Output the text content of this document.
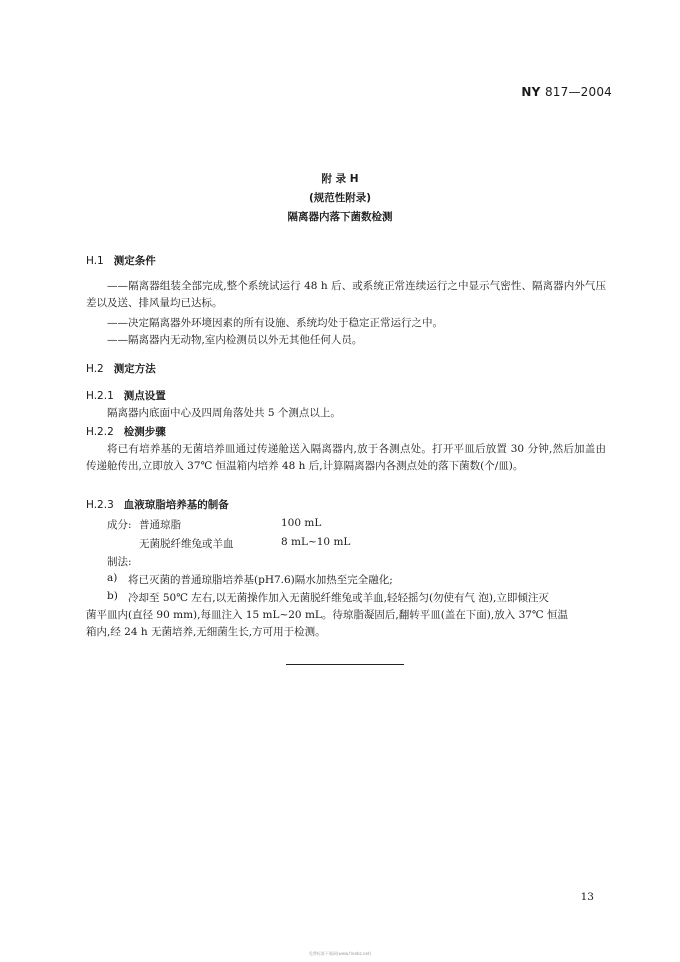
NY 817—2004
附 录 H
(规范性附录)
隔离器内落下菌数检测
H.1 测定条件
——隔离器组装全部完成,整个系统试运行 48 h 后、或系统正常连续运行之中显示气密性、隔离器内外气压差以及送、排风量均已达标。
——决定隔离器外环境因素的所有设施、系统均处于稳定正常运行之中。
——隔离器内无动物,室内检测员以外无其他任何人员。
H.2 测定方法
H.2.1 测点设置
隔离器内底面中心及四周角落处共 5 个测点以上。
H.2.2 检测步骤
将已有培养基的无菌培养皿通过传递舱送入隔离器内,放于各测点处。打开平皿后放置 30 分钟,然后加盖由传递舱传出,立即放入 37℃ 恒温箱内培养 48 h 后,计算隔离器内各测点处的落下菌数(个/皿)。
H.2.3 血液琼脂培养基的制备
成分: 普通琼脂	100 mL
无菌脱纤维兔或羊血	8 mL~10 mL
制法:
a) 将已灭菌的普通琼脂培养基(pH7.6)隔水加热至完全融化;
b) 冷却至 50℃ 左右,以无菌操作加入无菌脱纤维兔或羊血,轻轻摇匀(勿使有气 泡),立即倾注灭
菌平皿内(直径 90 mm),每皿注入 15 mL~20 mL。待琼脂凝固后,翻转平皿(盖在下面),放入 37℃ 恒温
箱内,经 24 h 无菌培养,无细菌生长,方可用于检测。
13
免费标准下载网(www.freebz.net)
